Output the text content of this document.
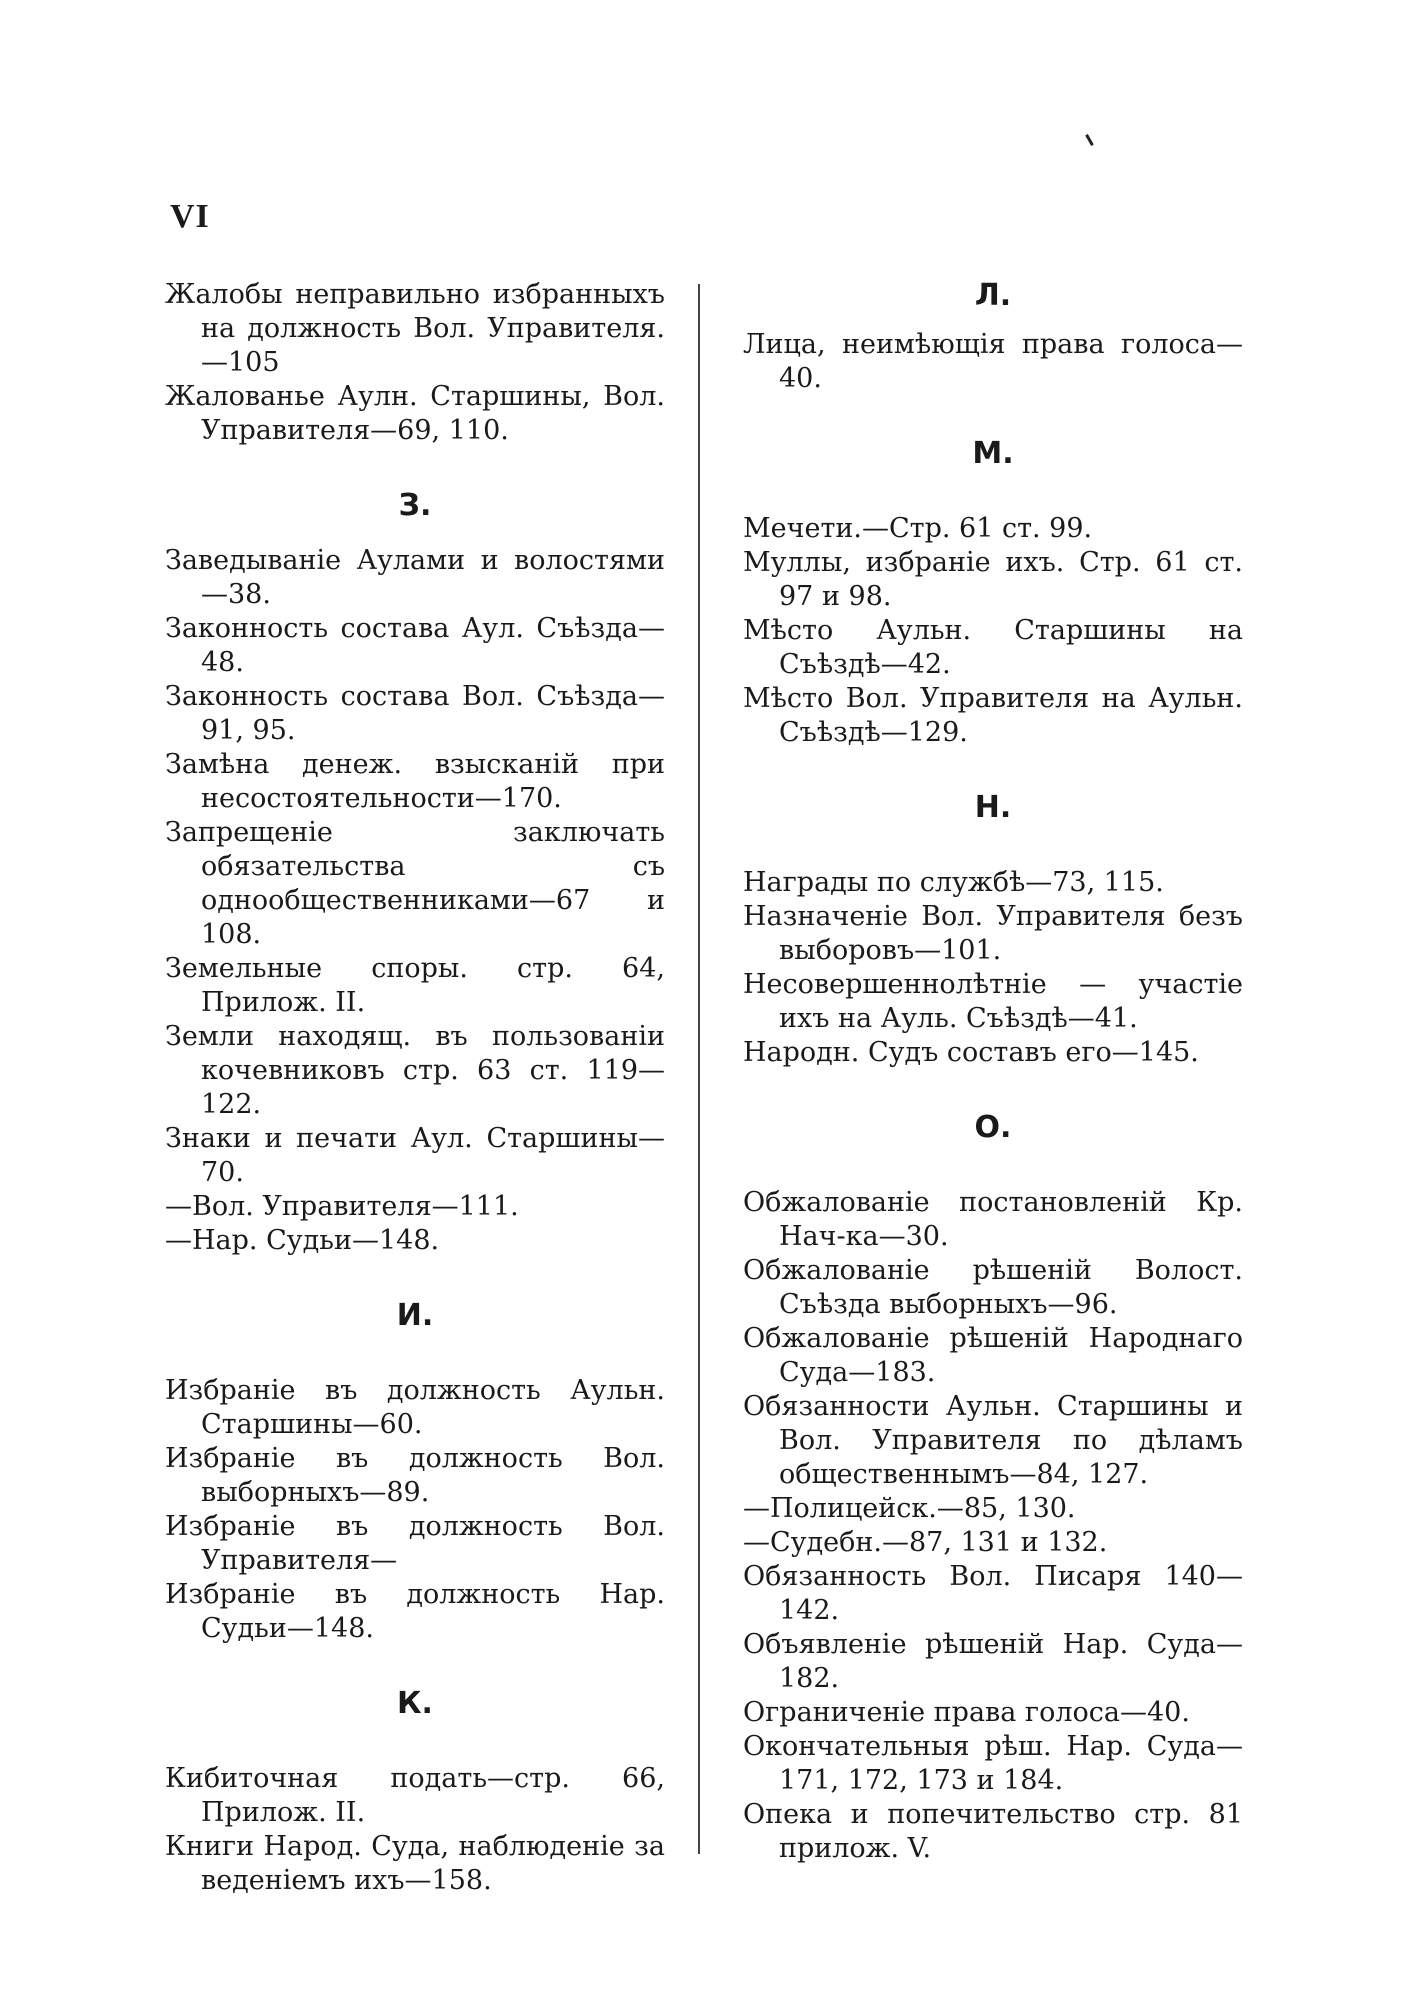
VI

Жалобы неправильно избранныхъ на должность Вол. Управителя.—105

Жалованье Аулн. Старшины, Вол. Управителя—69, 110.

З.

Заведываніе Аулами и волостями—38.

Законность состава Аул. Съѣзда—48.

Законность состава Вол. Съѣзда—91, 95.

Замѣна денеж. взысканій при несостоятельности—170.

Запрещеніе заключать обязательства съ однообщественниками—67 и 108.

Земельные споры. стр. 64, Прилож. II.

Земли находящ. въ пользованіи кочевниковъ стр. 63 ст. 119—122.

Знаки и печати Аул. Старшины—70.

—Вол. Управителя—111.

—Нар. Судьи—148.

И.

Избраніе въ должность Аульн. Старшины—60.

Избраніе въ должность Вол. выборныхъ—89.

Избраніе въ должность Вол. Управителя—

Избраніе въ должность Нар. Судьи—148.

К.

Кибиточная подать—стр. 66, Прилож. II.

Книги Народ. Суда, наблюденіе за веденіемъ ихъ—158.

Л.

Лица, неимѣющія права голоса—40.

М.

Мечети.—Стр. 61 ст. 99.

Муллы, избраніе ихъ. Стр. 61 ст. 97 и 98.

Мѣсто Аульн. Старшины на Съѣздѣ—42.

Мѣсто Вол. Управителя на Аульн. Съѣздѣ—129.

Н.

Награды по службѣ—73, 115.

Назначеніе Вол. Управителя безъ выборовъ—101.

Несовершеннолѣтніе — участіе ихъ на Ауль. Съѣздѣ—41.

Народн. Судъ составъ его—145.

О.

Обжалованіе постановленій Кр. Нач-ка—30.

Обжалованіе рѣшеній Волост. Съѣзда выборныхъ—96.

Обжалованіе рѣшеній Народнаго Суда—183.

Обязанности Аульн. Старшины и Вол. Управителя по дѣламъ общественнымъ—84, 127.

—Полицейск.—85, 130.

—Судебн.—87, 131 и 132.

Обязанность Вол. Писаря 140—142.

Объявленіе рѣшеній Нар. Суда—182.

Ограниченіе права голоса—40.

Окончательныя рѣш. Нар. Суда—171, 172, 173 и 184.

Опека и попечительство стр. 81 прилож. V.
